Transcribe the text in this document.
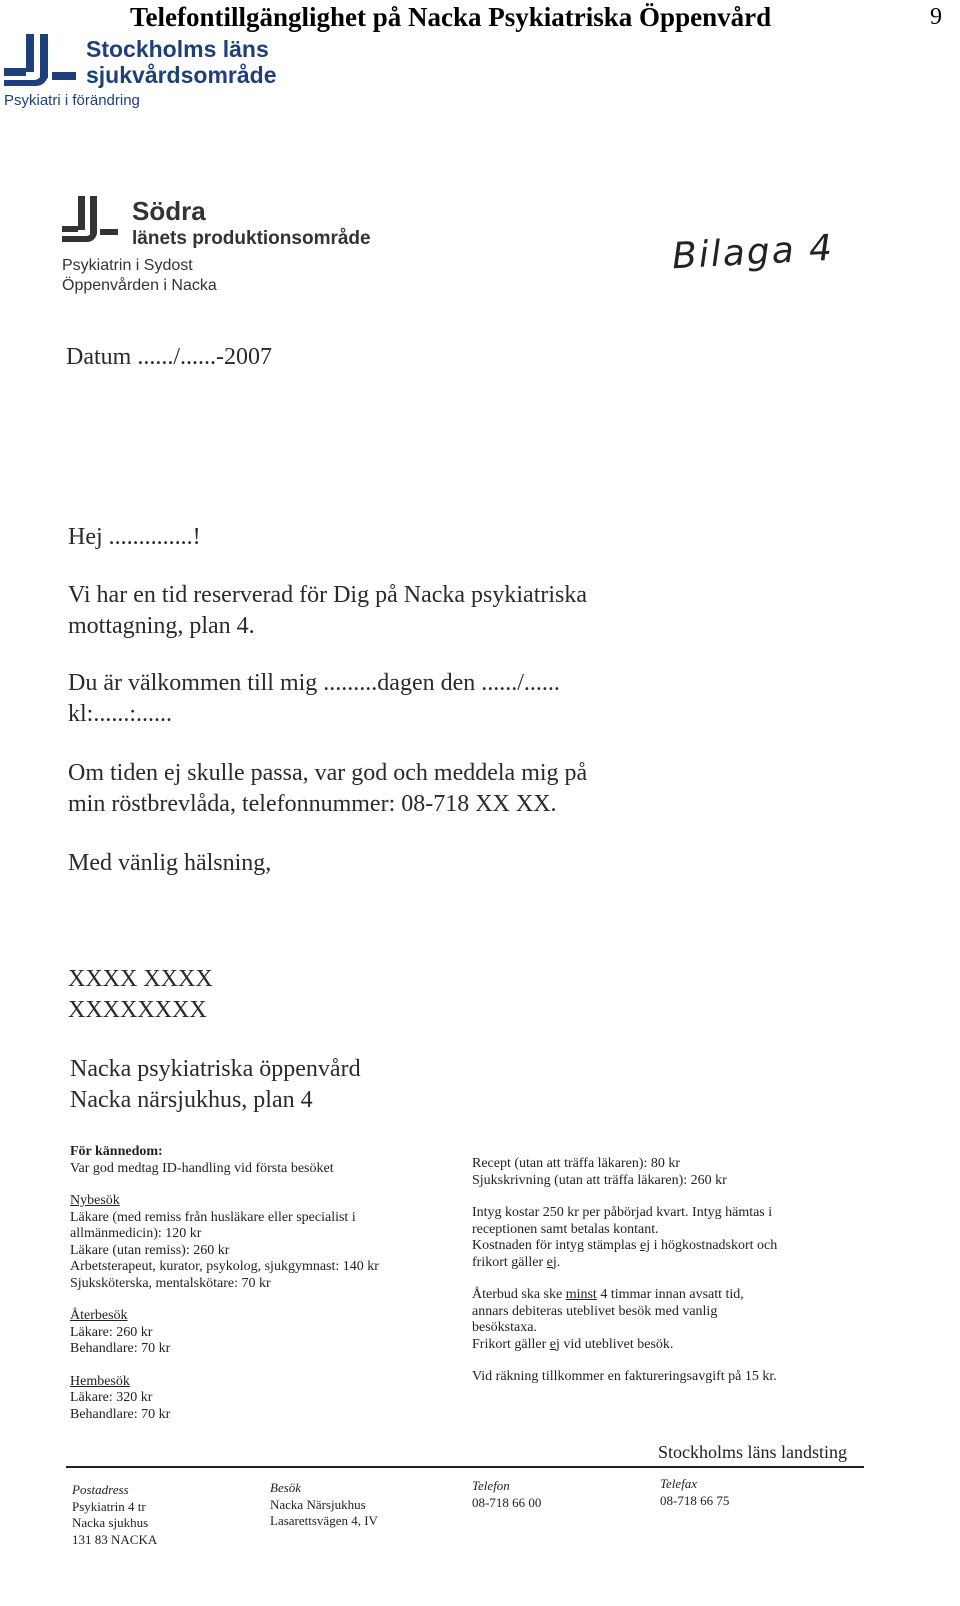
Telefontillgänglighet på Nacka Psykiatriska Öppenvård	9
Stockholms läns
sjukvårdsområde
Psykiatri i förändring
Södra
länets produktionsområde
Psykiatrin i Sydost
Öppenvården i Nacka
Bilaga 4
Datum ....../......-2007
Hej ..............!
Vi har en tid reserverad för Dig på Nacka psykiatriska
mottagning, plan 4.
Du är välkommen till mig .........dagen den ....../......
kl:......:......
Om tiden ej skulle passa, var god och meddela mig på
min röstbrevlåda, telefonnummer: 08-718 XX XX.
Med vänlig hälsning,
XXXX XXXX
XXXXXXXX
Nacka psykiatriska öppenvård
Nacka närsjukhus, plan 4
För kännedom:
Var god medtag ID-handling vid första besöket
Nybesök
Läkare (med remiss från husläkare eller specialist i
allmänmedicin): 120 kr
Läkare (utan remiss): 260 kr
Arbetsterapeut, kurator, psykolog, sjukgymnast: 140 kr
Sjuksköterska, mentalskötare: 70 kr
Återbesök
Läkare: 260 kr
Behandlare: 70 kr
Hembesök
Läkare: 320 kr
Behandlare: 70 kr
Recept (utan att träffa läkaren): 80 kr
Sjukskrivning (utan att träffa läkaren): 260 kr
Intyg kostar 250 kr per påbörjad kvart. Intyg hämtas i
receptionen samt betalas kontant.
Kostnaden för intyg stämplas ej i högkostnadskort och
frikort gäller ej.
Återbud ska ske minst 4 timmar innan avsatt tid,
annars debiteras uteblivet besök med vanlig
besökstaxa.
Frikort gäller ej vid uteblivet besök.
Vid räkning tillkommer en faktureringsavgift på 15 kr.
Stockholms läns landsting
Postadress
Psykiatrin 4 tr
Nacka sjukhus
131 83 NACKA
Besök
Nacka Närsjukhus
Lasarettsvägen 4, IV
Telefon
08-718 66 00
Telefax
08-718 66 75
